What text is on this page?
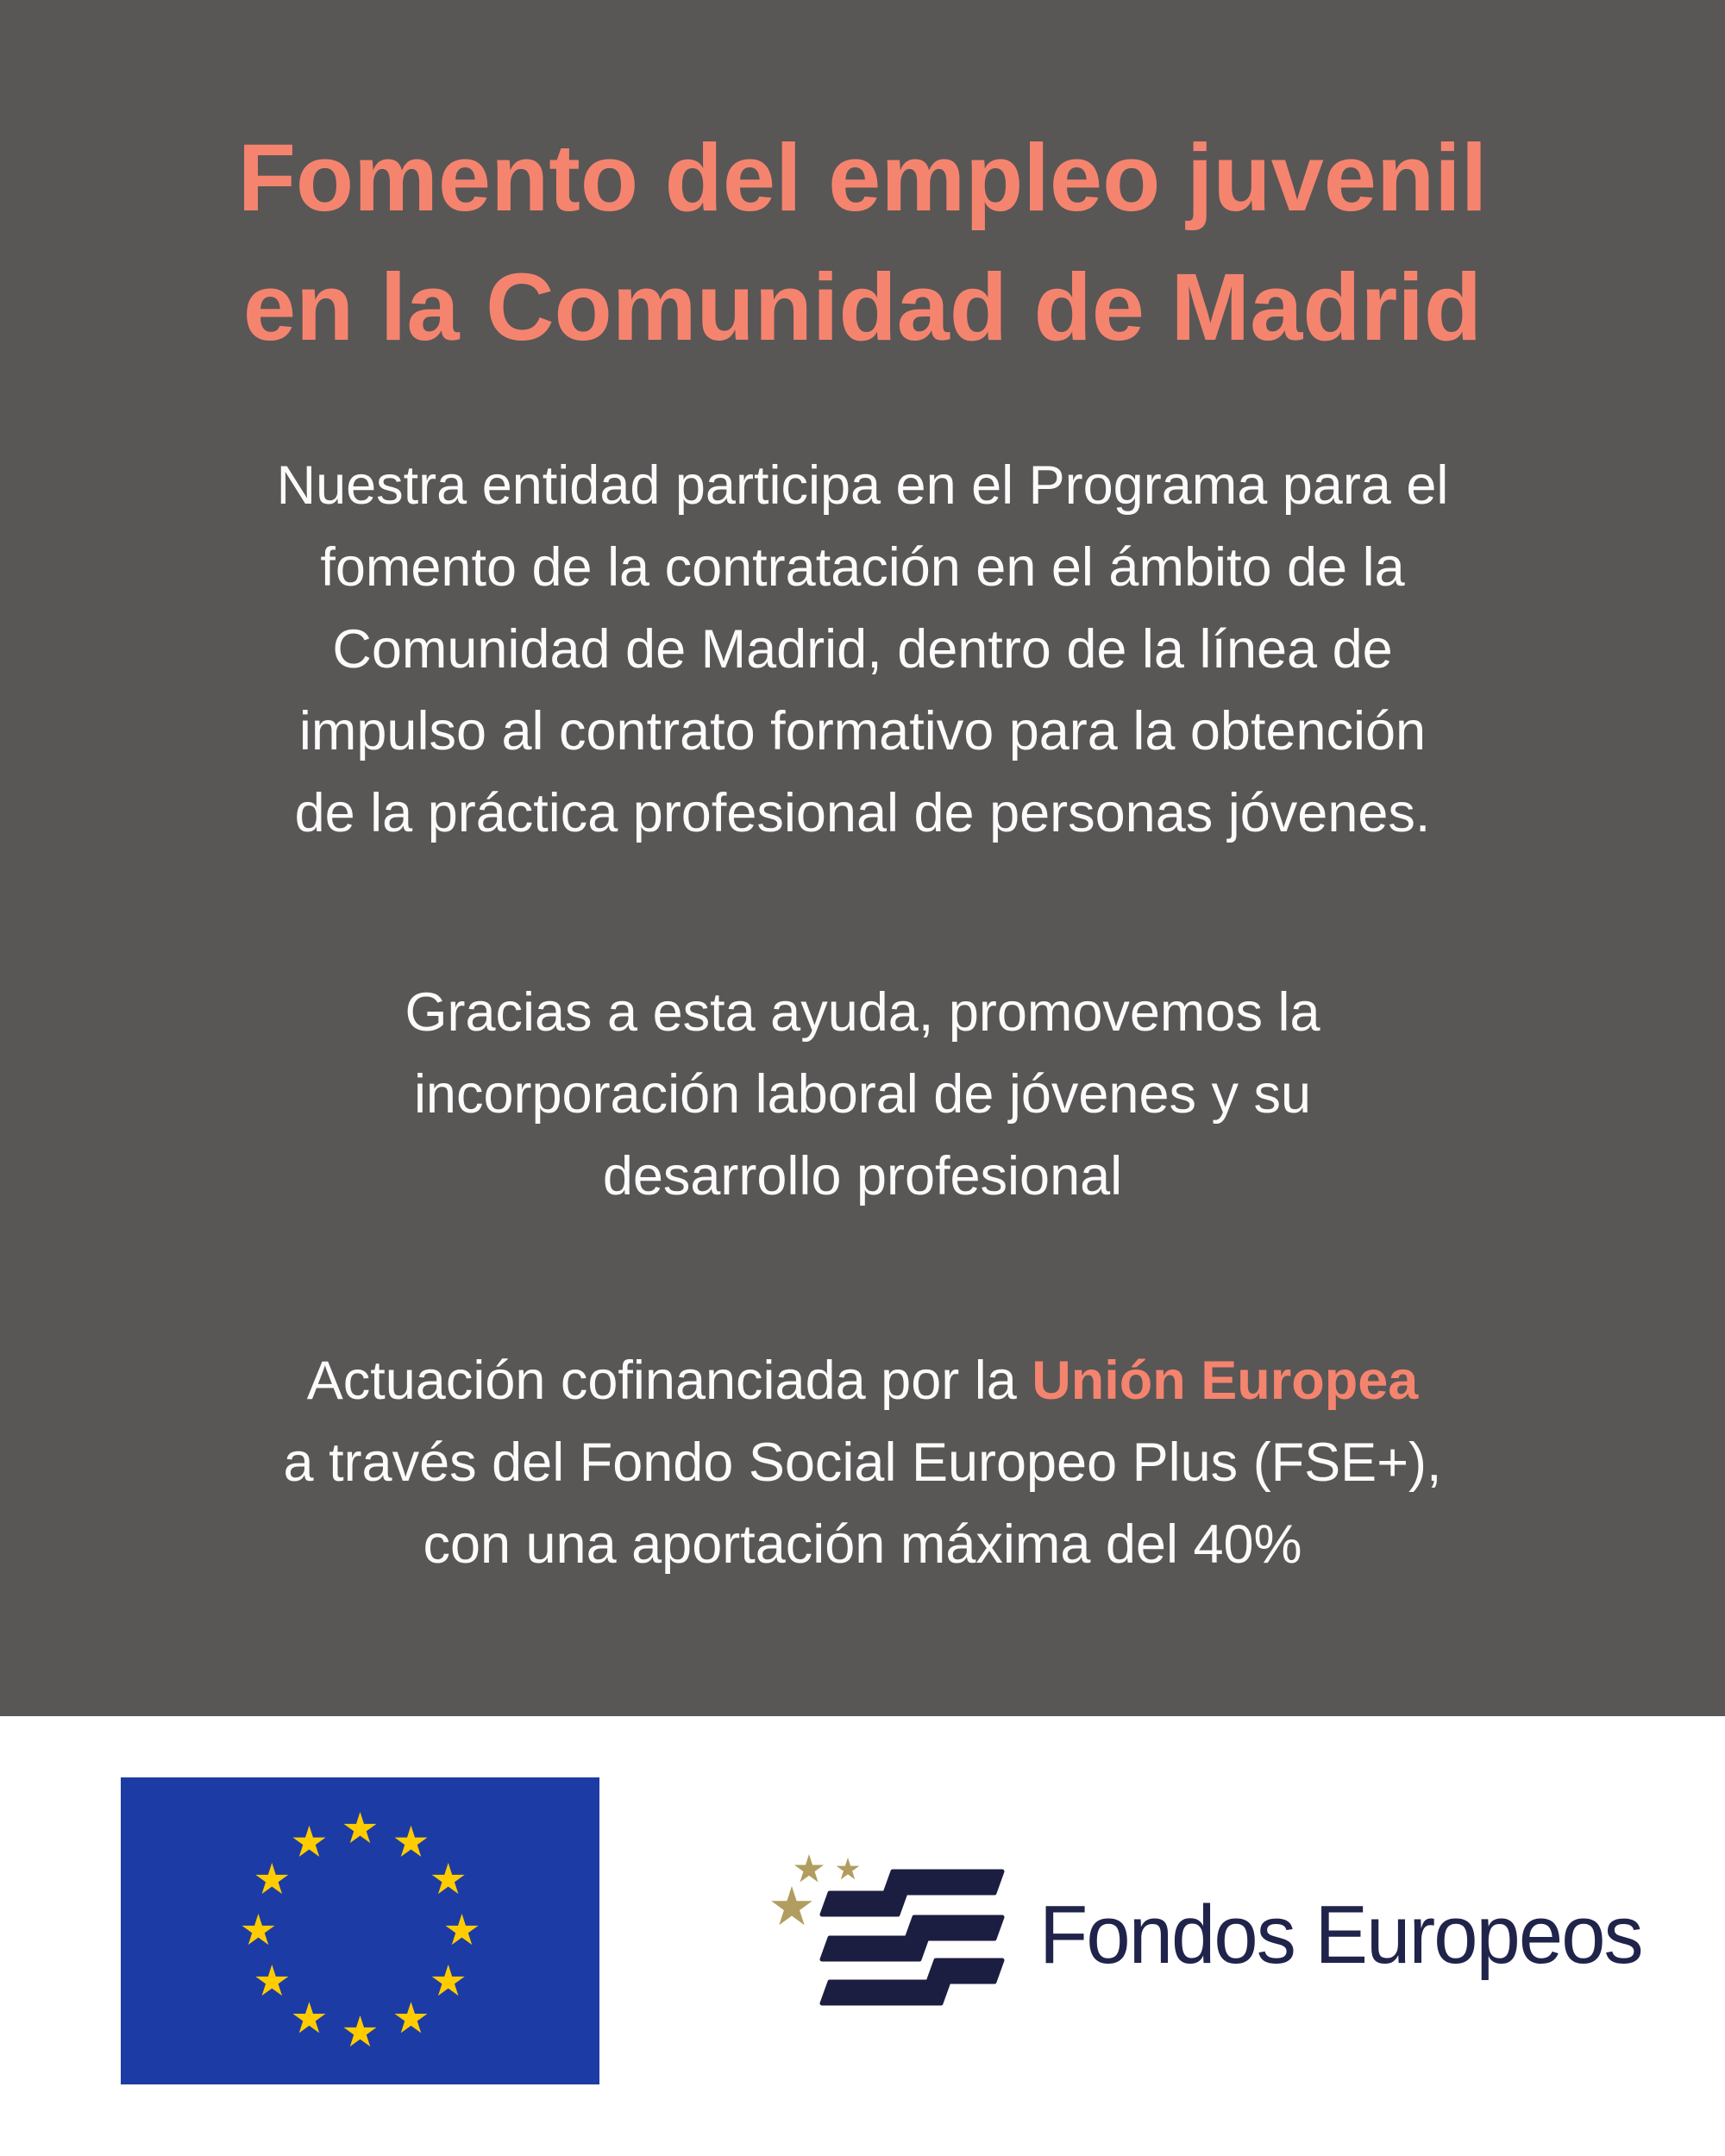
Fomento del empleo juvenil
en la Comunidad de Madrid
Nuestra entidad participa en el Programa para el
fomento de la contratación en el ámbito de la
Comunidad de Madrid, dentro de la línea de
impulso al contrato formativo para la obtención
de la práctica profesional de personas jóvenes.
Gracias a esta ayuda, promovemos la
incorporación laboral de jóvenes y su
desarrollo profesional
Actuación cofinanciada por la Unión Europea
a través del Fondo Social Europeo Plus (FSE+),
con una aportación máxima del 40%
Fondos Europeos
